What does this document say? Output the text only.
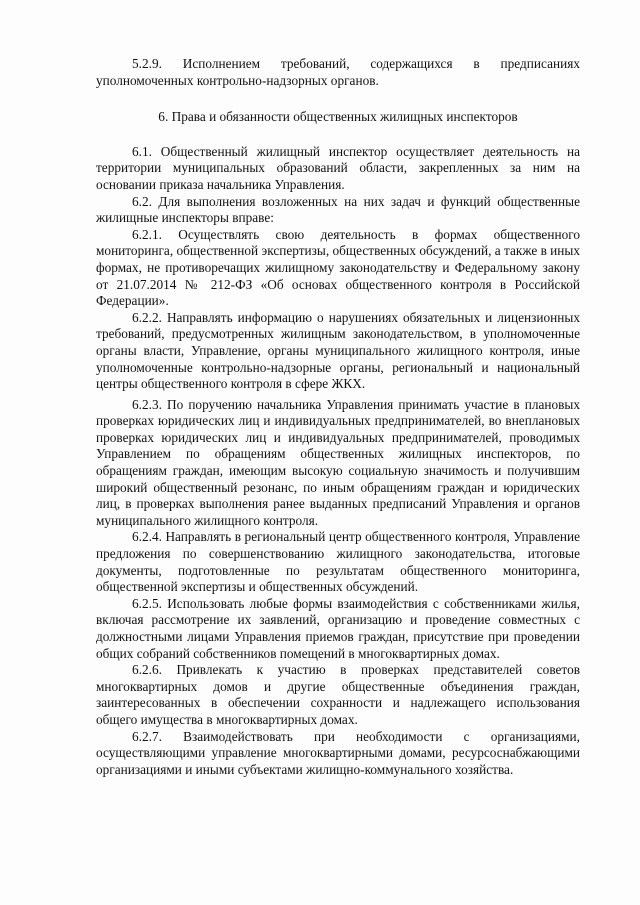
5.2.9. Исполнением требований, содержащихся в предписаниях уполномоченных контрольно-надзорных органов.

6. Права и обязанности общественных жилищных инспекторов

6.1. Общественный жилищный инспектор осуществляет деятельность на территории муниципальных образований области, закрепленных за ним на основании приказа начальника Управления.

6.2. Для выполнения возложенных на них задач и функций общественные жилищные инспекторы вправе:

6.2.1. Осуществлять свою деятельность в формах общественного мониторинга, общественной экспертизы, общественных обсуждений, а также в иных формах, не противоречащих жилищному законодательству и Федеральному закону от 21.07.2014 № 212-ФЗ «Об основах общественного контроля в Российской Федерации».

6.2.2. Направлять информацию о нарушениях обязательных и лицензионных требований, предусмотренных жилищным законодательством, в уполномоченные органы власти, Управление, органы муниципального жилищного контроля, иные уполномоченные контрольно-надзорные органы, региональный и национальный центры общественного контроля в сфере ЖКХ.

6.2.3. По поручению начальника Управления принимать участие в плановых проверках юридических лиц и индивидуальных предпринимателей, во внеплановых проверках юридических лиц и индивидуальных предпринимателей, проводимых Управлением по обращениям общественных жилищных инспекторов, по обращениям граждан, имеющим высокую социальную значимость и получившим широкий общественный резонанс, по иным обращениям граждан и юридических лиц, в проверках выполнения ранее выданных предписаний Управления и органов муниципального жилищного контроля.

6.2.4. Направлять в региональный центр общественного контроля, Управление предложения по совершенствованию жилищного законодательства, итоговые документы, подготовленные по результатам общественного мониторинга, общественной экспертизы и общественных обсуждений.

6.2.5. Использовать любые формы взаимодействия с собственниками жилья, включая рассмотрение их заявлений, организацию и проведение совместных с должностными лицами Управления приемов граждан, присутствие при проведении общих собраний собственников помещений в многоквартирных домах.

6.2.6. Привлекать к участию в проверках представителей советов многоквартирных домов и другие общественные объединения граждан, заинтересованных в обеспечении сохранности и надлежащего использования общего имущества в многоквартирных домах.

6.2.7. Взаимодействовать при необходимости с организациями, осуществляющими управление многоквартирными домами, ресурсоснабжающими организациями и иными субъектами жилищно-коммунального хозяйства.
